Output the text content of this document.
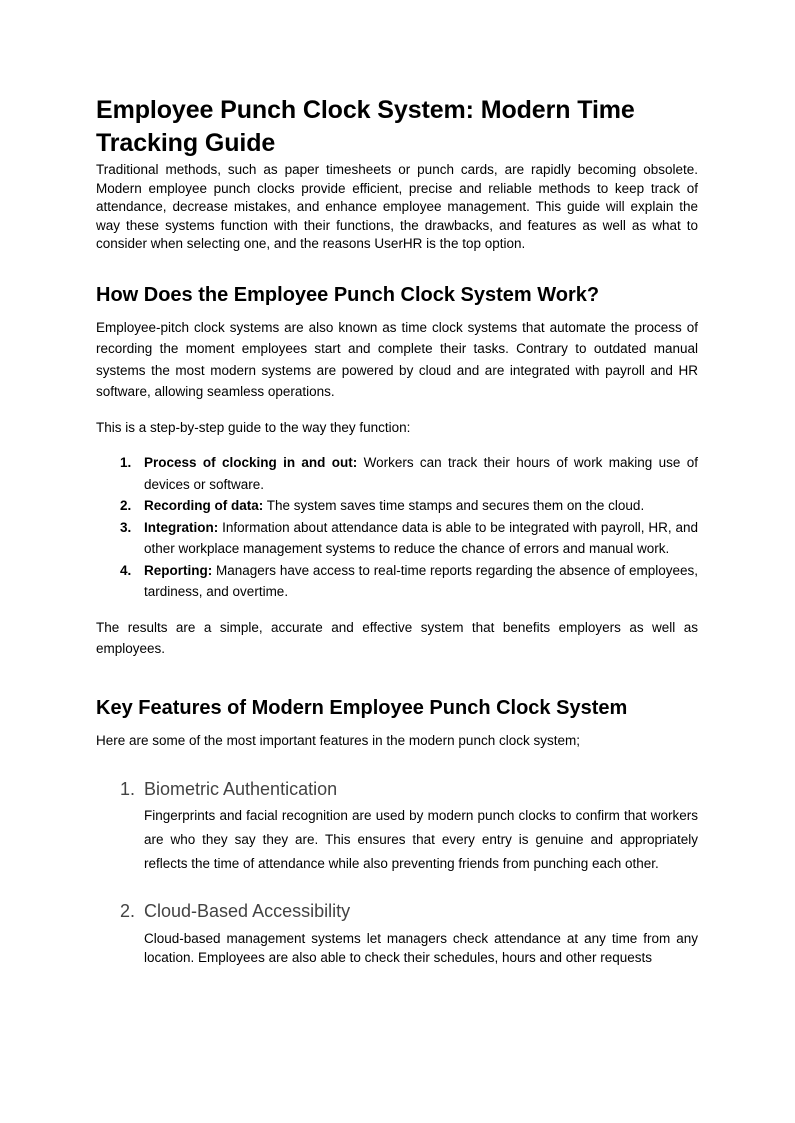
Employee Punch Clock System: Modern Time Tracking Guide

Traditional methods, such as paper timesheets or punch cards, are rapidly becoming obsolete. Modern employee punch clocks provide efficient, precise and reliable methods to keep track of attendance, decrease mistakes, and enhance employee management. This guide will explain the way these systems function with their functions, the drawbacks, and features as well as what to consider when selecting one, and the reasons UserHR is the top option.

How Does the Employee Punch Clock System Work?

Employee-pitch clock systems are also known as time clock systems that automate the process of recording the moment employees start and complete their tasks. Contrary to outdated manual systems the most modern systems are powered by cloud and are integrated with payroll and HR software, allowing seamless operations.

This is a step-by-step guide to the way they function:

1. Process of clocking in and out: Workers can track their hours of work making use of devices or software.
2. Recording of data: The system saves time stamps and secures them on the cloud.
3. Integration: Information about attendance data is able to be integrated with payroll, HR, and other workplace management systems to reduce the chance of errors and manual work.
4. Reporting: Managers have access to real-time reports regarding the absence of employees, tardiness, and overtime.

The results are a simple, accurate and effective system that benefits employers as well as employees.

Key Features of Modern Employee Punch Clock System

Here are some of the most important features in the modern punch clock system;

1. Biometric Authentication

Fingerprints and facial recognition are used by modern punch clocks to confirm that workers are who they say they are. This ensures that every entry is genuine and appropriately reflects the time of attendance while also preventing friends from punching each other.

2. Cloud-Based Accessibility

Cloud-based management systems let managers check attendance at any time from any location. Employees are also able to check their schedules, hours and other requests
